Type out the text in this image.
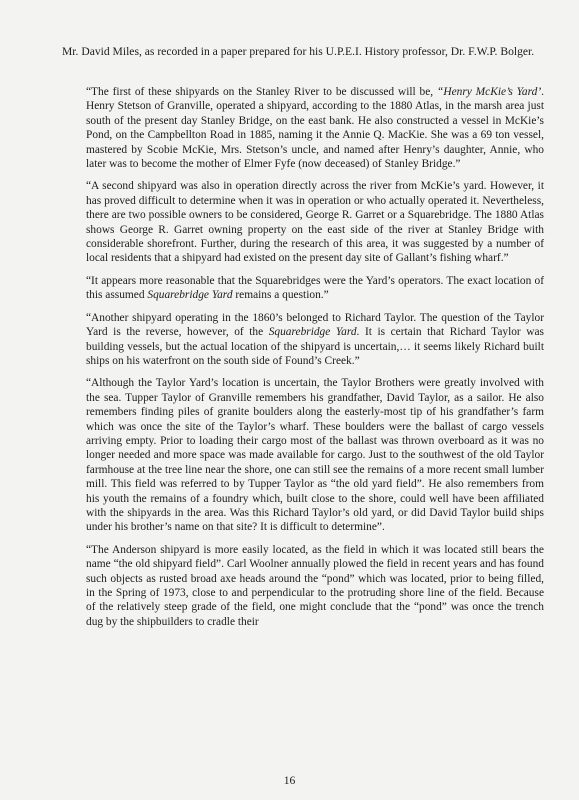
Mr. David Miles, as recorded in a paper prepared for his U.P.E.I. History professor, Dr. F.W.P. Bolger.

“The first of these shipyards on the Stanley River to be discussed will be, “Henry McKie’s Yard’. Henry Stetson of Granville, operated a shipyard, according to the 1880 Atlas, in the marsh area just south of the present day Stanley Bridge, on the east bank. He also constructed a vessel in McKie’s Pond, on the Campbellton Road in 1885, naming it the Annie Q. MacKie. She was a 69 ton vessel, mastered by Scobie McKie, Mrs. Stetson’s uncle, and named after Henry’s daughter, Annie, who later was to become the mother of Elmer Fyfe (now deceased) of Stanley Bridge.”

“A second shipyard was also in operation directly across the river from McKie’s yard. However, it has proved difficult to determine when it was in operation or who actually operated it. Nevertheless, there are two possible owners to be considered, George R. Garret or a Squarebridge. The 1880 Atlas shows George R. Garret owning property on the east side of the river at Stanley Bridge with considerable shorefront. Further, during the research of this area, it was suggested by a number of local residents that a shipyard had existed on the present day site of Gallant’s fishing wharf.”

“It appears more reasonable that the Squarebridges were the Yard’s operators. The exact location of this assumed Squarebridge Yard remains a question.”

“Another shipyard operating in the 1860’s belonged to Richard Taylor. The question of the Taylor Yard is the reverse, however, of the Squarebridge Yard. It is certain that Richard Taylor was building vessels, but the actual location of the shipyard is uncertain,… it seems likely Richard built ships on his waterfront on the south side of Found’s Creek.”

“Although the Taylor Yard’s location is uncertain, the Taylor Brothers were greatly involved with the sea. Tupper Taylor of Granville remembers his grandfather, David Taylor, as a sailor. He also remembers finding piles of granite boulders along the easterly-most tip of his grandfather’s farm which was once the site of the Taylor’s wharf. These boulders were the ballast of cargo vessels arriving empty. Prior to loading their cargo most of the ballast was thrown overboard as it was no longer needed and more space was made available for cargo. Just to the southwest of the old Taylor farmhouse at the tree line near the shore, one can still see the remains of a more recent small lumber mill. This field was referred to by Tupper Taylor as “the old yard field”. He also remembers from his youth the remains of a foundry which, built close to the shore, could well have been affiliated with the shipyards in the area. Was this Richard Taylor’s old yard, or did David Taylor build ships under his brother’s name on that site? It is difficult to determine”.

“The Anderson shipyard is more easily located, as the field in which it was located still bears the name “the old shipyard field”. Carl Woolner annually plowed the field in recent years and has found such objects as rusted broad axe heads around the “pond” which was located, prior to being filled, in the Spring of 1973, close to and perpendicular to the protruding shore line of the field. Because of the relatively steep grade of the field, one might conclude that the “pond” was once the trench dug by the shipbuilders to cradle their

16
